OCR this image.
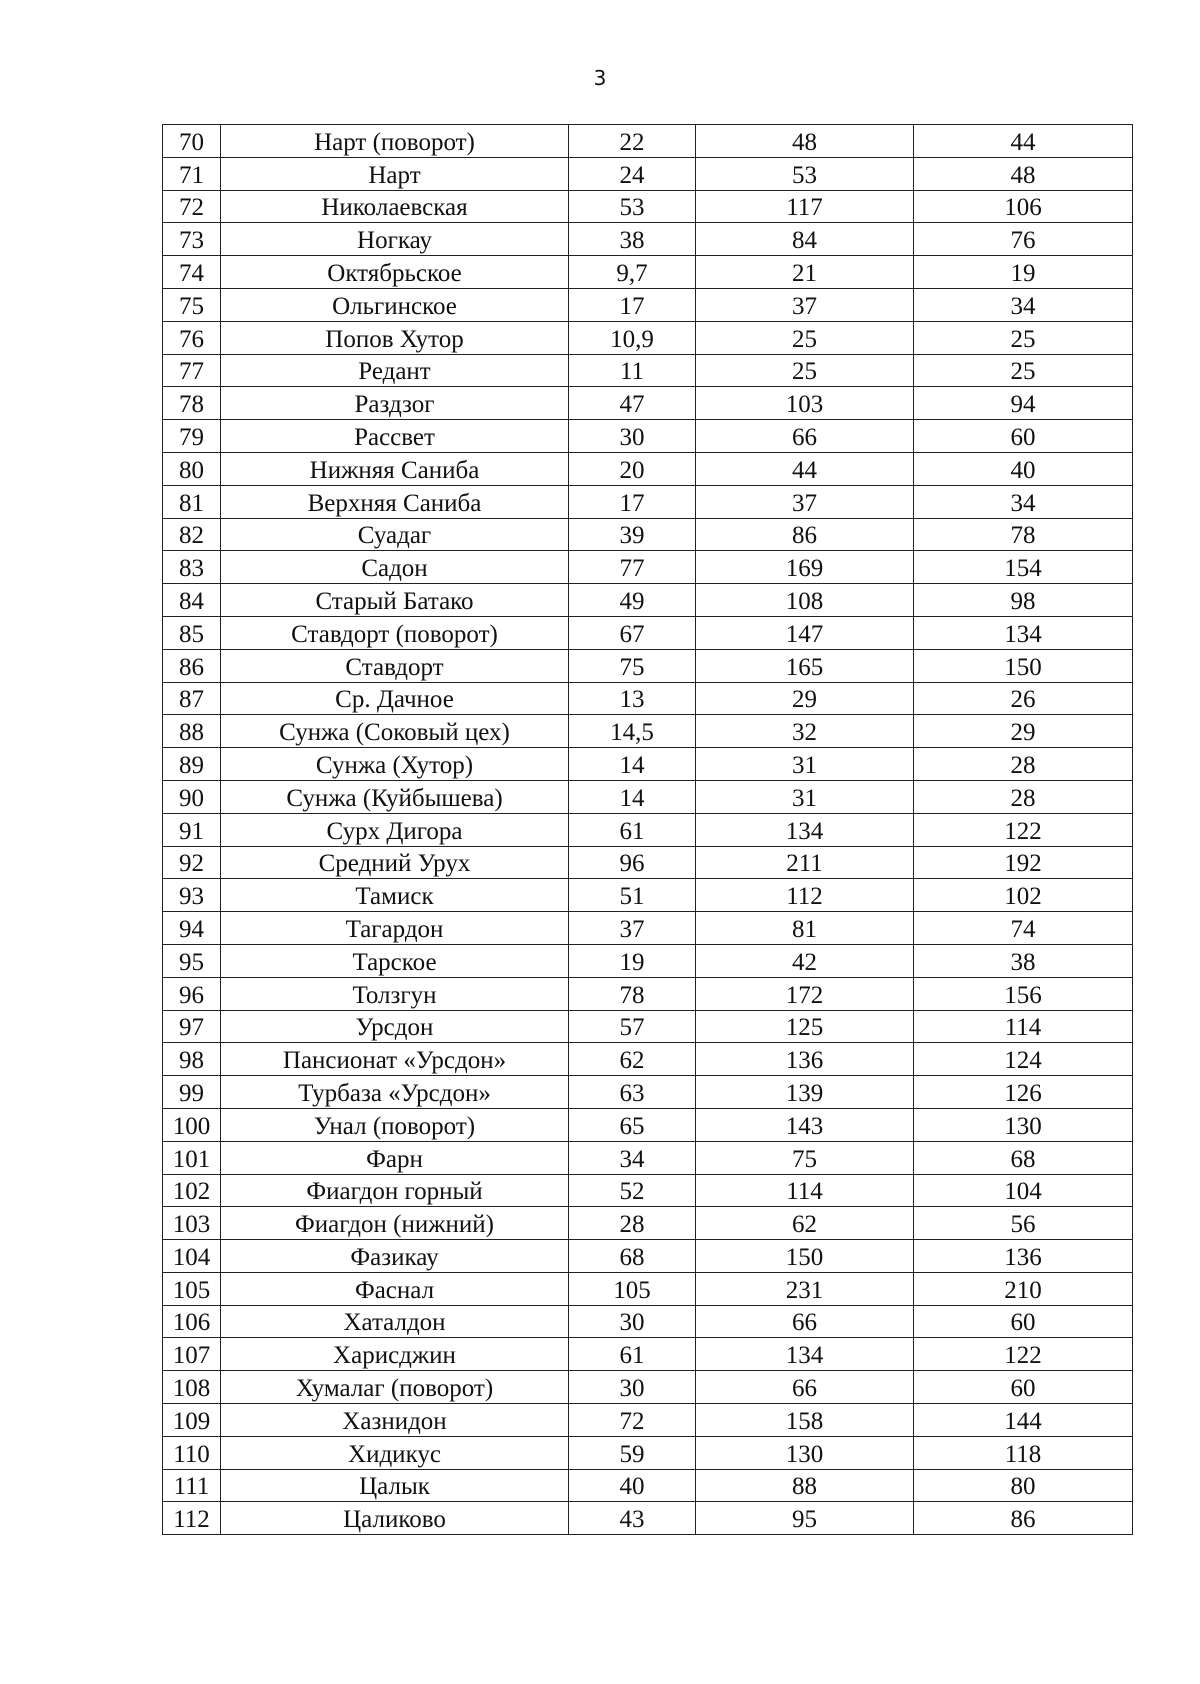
3
70	Нарт (поворот)	22	48	44
71	Нарт	24	53	48
72	Николаевская	53	117	106
73	Ногкау	38	84	76
74	Октябрьское	9,7	21	19
75	Ольгинское	17	37	34
76	Попов Хутор	10,9	25	25
77	Редант	11	25	25
78	Раздзог	47	103	94
79	Рассвет	30	66	60
80	Нижняя Саниба	20	44	40
81	Верхняя Саниба	17	37	34
82	Суадаг	39	86	78
83	Садон	77	169	154
84	Старый Батако	49	108	98
85	Ставдорт (поворот)	67	147	134
86	Ставдорт	75	165	150
87	Ср. Дачное	13	29	26
88	Сунжа (Соковый цех)	14,5	32	29
89	Сунжа (Хутор)	14	31	28
90	Сунжа (Куйбышева)	14	31	28
91	Сурх Дигора	61	134	122
92	Средний Урух	96	211	192
93	Тамиск	51	112	102
94	Тагардон	37	81	74
95	Тарское	19	42	38
96	Толзгун	78	172	156
97	Урсдон	57	125	114
98	Пансионат «Урсдон»	62	136	124
99	Турбаза «Урсдон»	63	139	126
100	Унал (поворот)	65	143	130
101	Фарн	34	75	68
102	Фиагдон горный	52	114	104
103	Фиагдон (нижний)	28	62	56
104	Фазикау	68	150	136
105	Фаснал	105	231	210
106	Хаталдон	30	66	60
107	Харисджин	61	134	122
108	Хумалаг (поворот)	30	66	60
109	Хазнидон	72	158	144
110	Хидикус	59	130	118
111	Цалык	40	88	80
112	Цаликово	43	95	86
